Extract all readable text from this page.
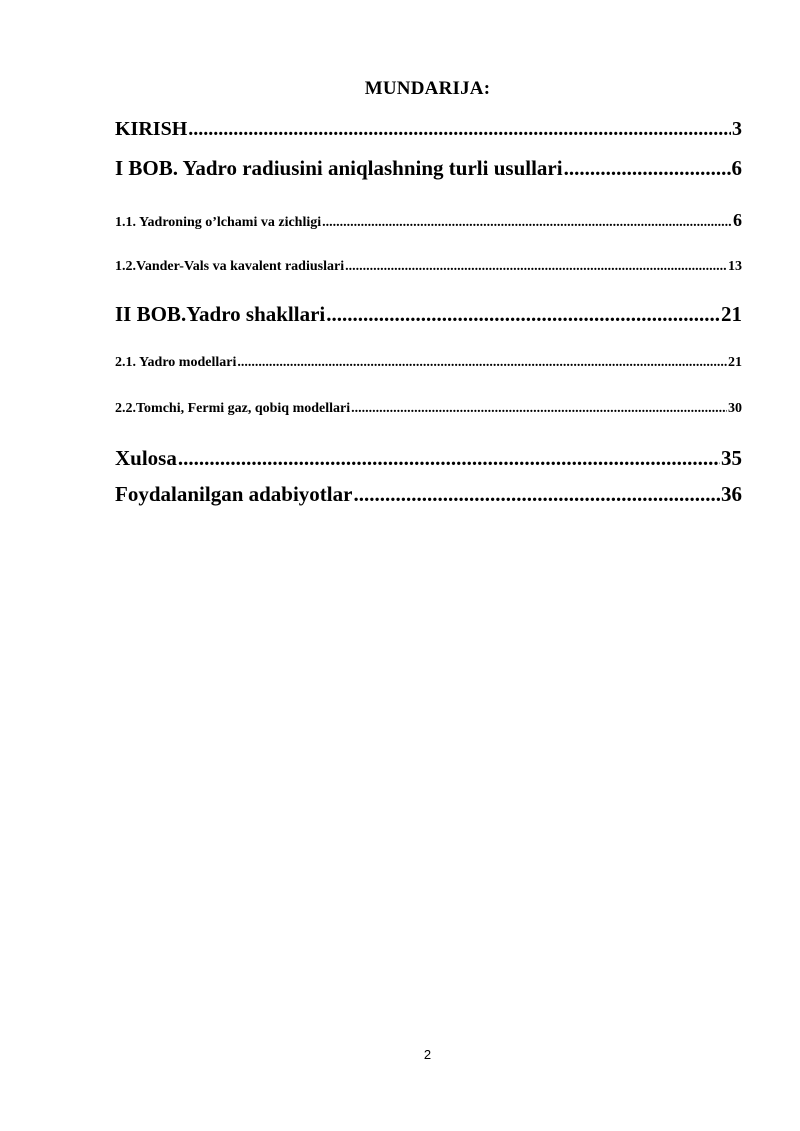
MUNDARIJA:
KIRISH .....	3
I BOB. Yadro radiusini aniqlashning turli usullari .....	6
1.1. Yadroning o’lchami va zichligi .....	6
1.2.Vander-Vals va kavalent radiuslari .....	13
II BOB.Yadro shakllari .....	21
2.1. Yadro modellari .....	21
2.2.Tomchi, Fermi gaz, qobiq modellari .....	30
Xulosa .....	35
Foydalanilgan adabiyotlar .....	36
2
